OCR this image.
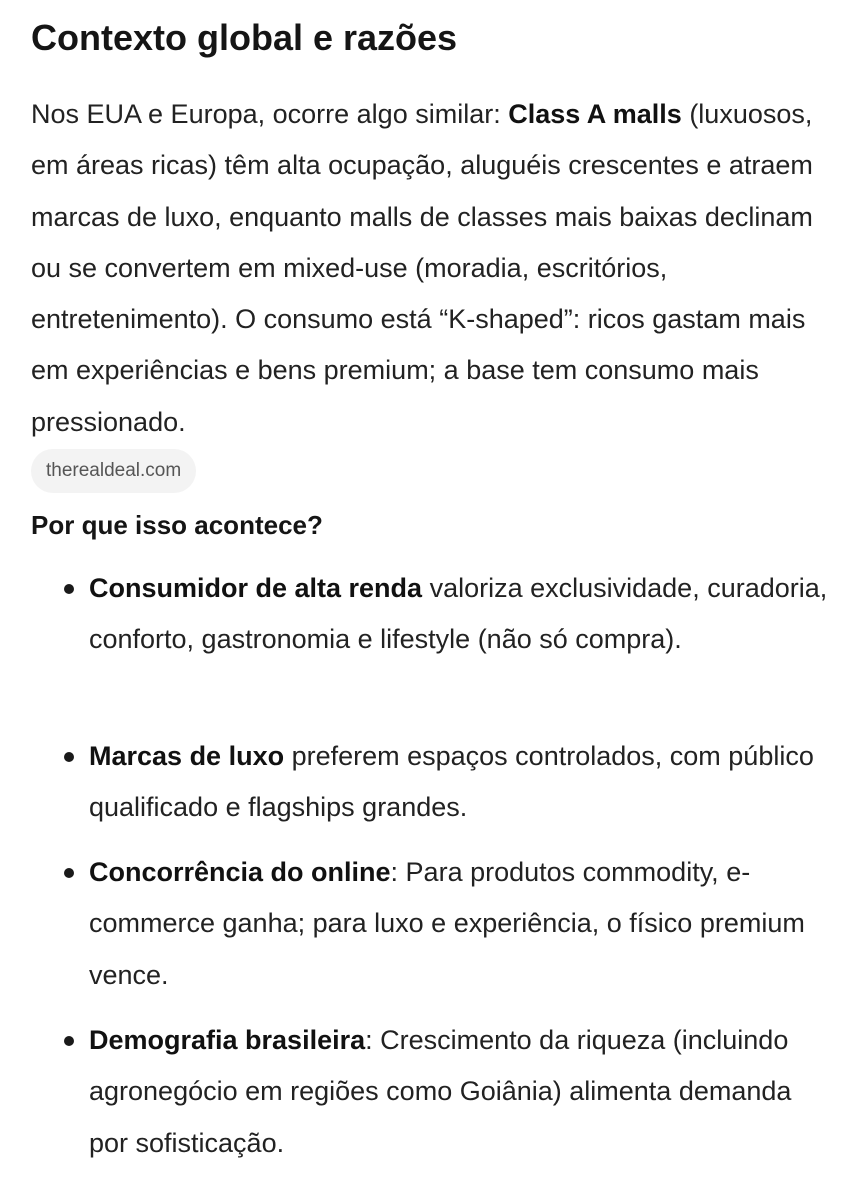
Contexto global e razões

Nos EUA e Europa, ocorre algo similar: Class A malls (luxuosos, em áreas ricas) têm alta ocupação, aluguéis crescentes e atraem marcas de luxo, enquanto malls de classes mais baixas declinam ou se convertem em mixed-use (moradia, escritórios, entretenimento). O consumo está “K-shaped”: ricos gastam mais em experiências e bens premium; a base tem consumo mais pressionado.

therealdeal.com
Por que isso acontece?
Consumidor de alta renda valoriza exclusividade, curadoria, conforto, gastronomia e lifestyle (não só compra).
Marcas de luxo preferem espaços controlados, com público qualificado e flagships grandes.
Concorrência do online: Para produtos commodity, e-commerce ganha; para luxo e experiência, o físico premium vence.
Demografia brasileira: Crescimento da riqueza (incluindo agronegócio em regiões como Goiânia) alimenta demanda por sofisticação.
